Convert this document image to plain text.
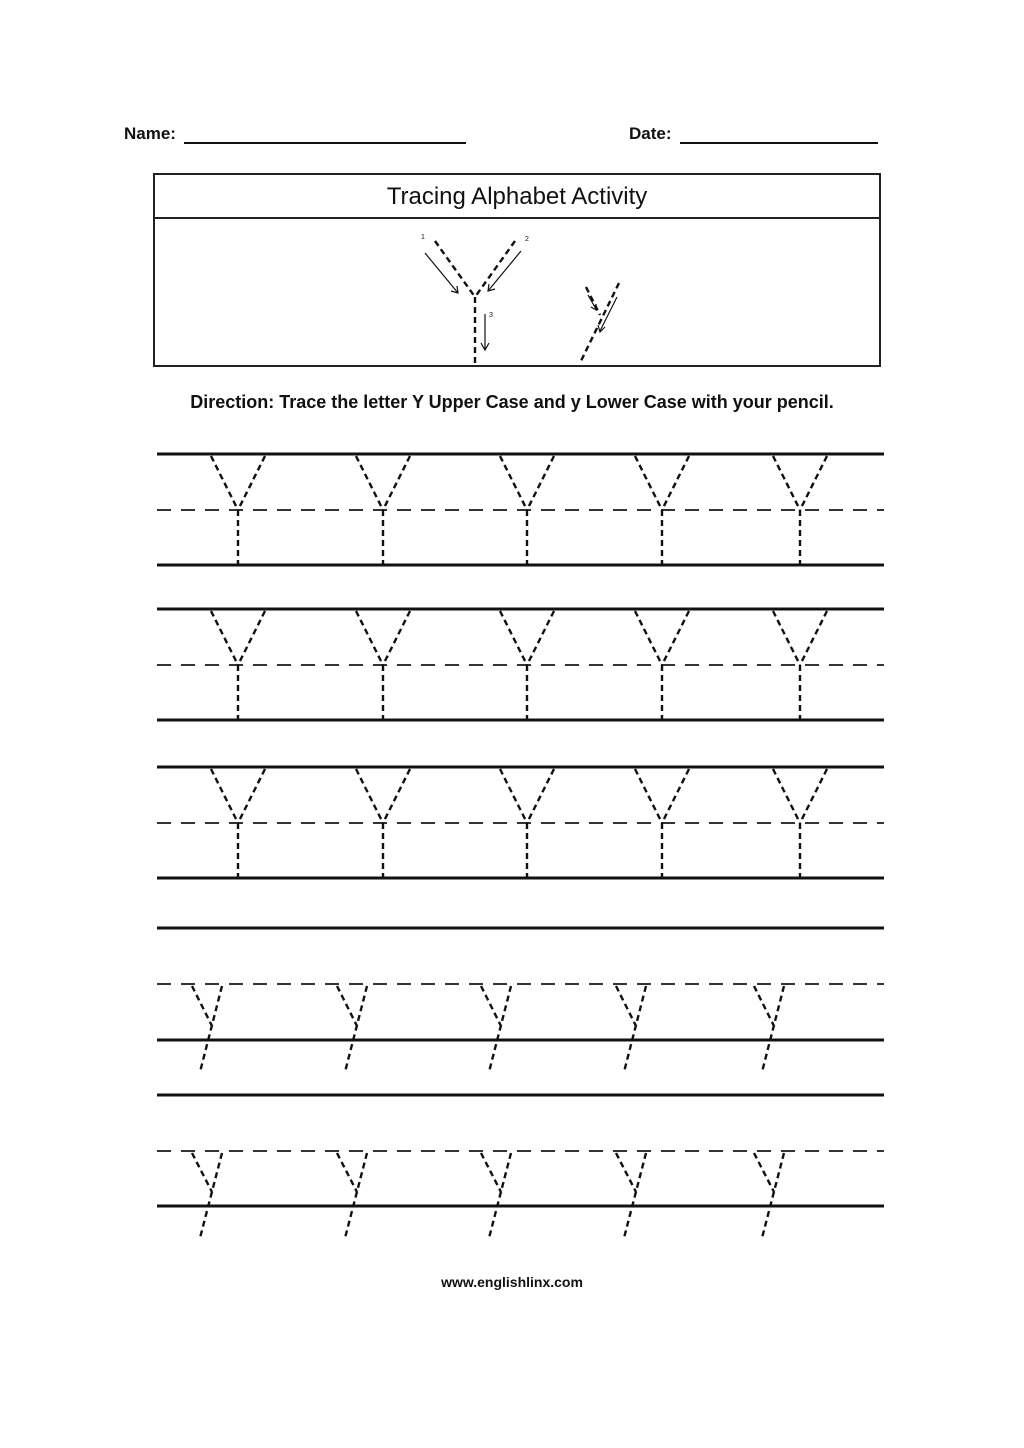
Name:	Date:
Tracing Alphabet Activity
1	2
3
Direction: Trace the letter Y Upper Case and y Lower Case with your pencil.
www.englishlinx.com
